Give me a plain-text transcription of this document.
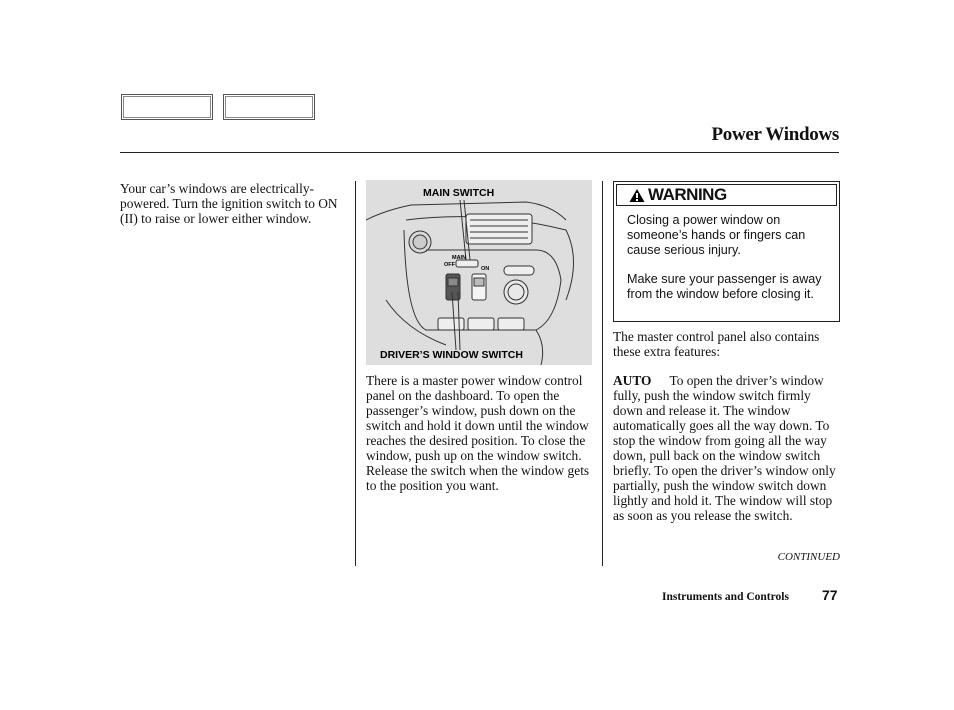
Power Windows
Your car’s windows are electrically-powered. Turn the ignition switch to ON (II) to raise or lower either window.
MAIN
OFF
ON
MAIN SWITCH
DRIVER’S WINDOW SWITCH
There is a master power window control panel on the dashboard. To open the passenger’s window, push down on the switch and hold it down until the window reaches the desired position. To close the window, push up on the window switch. Release the switch when the window gets to the position you want.
WARNING

Closing a power window on someone’s hands or fingers can cause serious injury.

Make sure your passenger is away from the window before closing it.

The master control panel also contains these extra features:
AUTO To open the driver’s window fully, push the window switch firmly down and release it. The window automatically goes all the way down. To stop the window from going all the way down, pull back on the window switch briefly. To open the driver’s window only partially, push the window switch down lightly and hold it. The window will stop as soon as you release the switch.
CONTINUED
Instruments and Controls 77
